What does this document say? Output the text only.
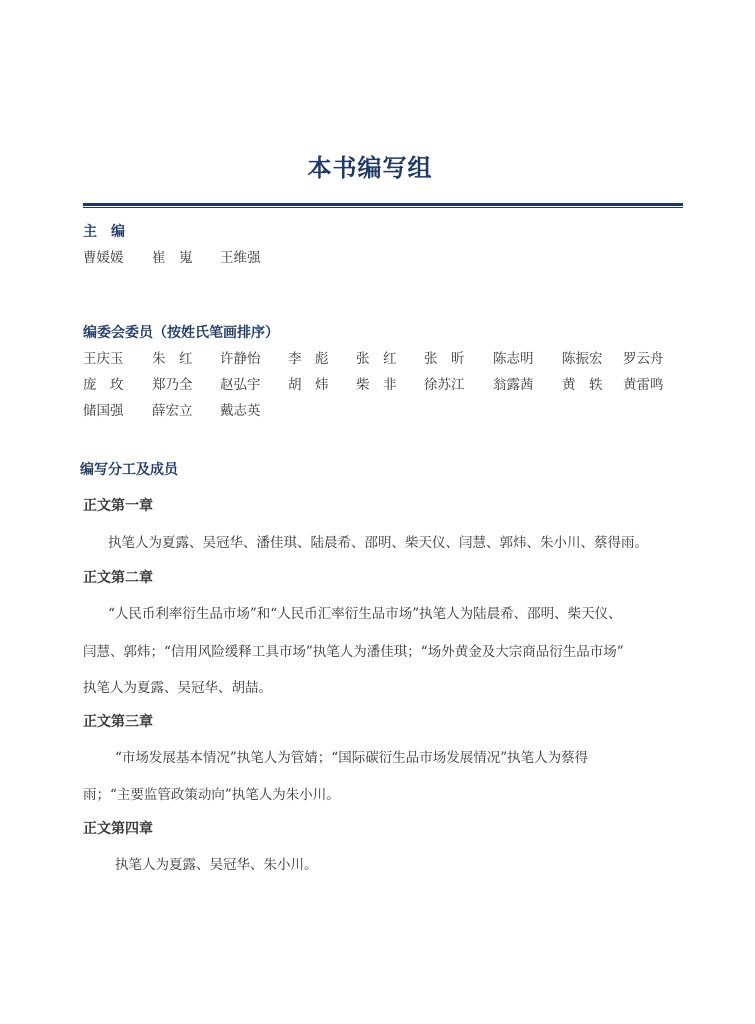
本书编写组
主　编
曹媛媛 崔　嵬 王维强
编委会委员（按姓氏笔画排序）
王庆玉 朱　红 许静怡 李　彪 张　红 张　昕 陈志明 陈振宏 罗云舟
庞　玫 郑乃全 赵弘宇 胡　炜 柴　非 徐苏江 翁露茜 黄　轶 黄雷鸣
储国强 薛宏立 戴志英
编写分工及成员
正文第一章
执笔人为夏露、吴冠华、潘佳琪、陆晨希、邵明、柴天仪、闫慧、郭炜、朱小川、蔡得雨。
正文第二章
“人民币利率衍生品市场”和“人民币汇率衍生品市场”执笔人为陆晨希、邵明、柴天仪、
闫慧、郭炜；“信用风险缓释工具市场”执笔人为潘佳琪；“场外黄金及大宗商品衍生品市场”
执笔人为夏露、吴冠华、胡喆。
正文第三章
“市场发展基本情况”执笔人为管婧；“国际碳衍生品市场发展情况”执笔人为蔡得
雨；“主要监管政策动向”执笔人为朱小川。
正文第四章
执笔人为夏露、吴冠华、朱小川。
